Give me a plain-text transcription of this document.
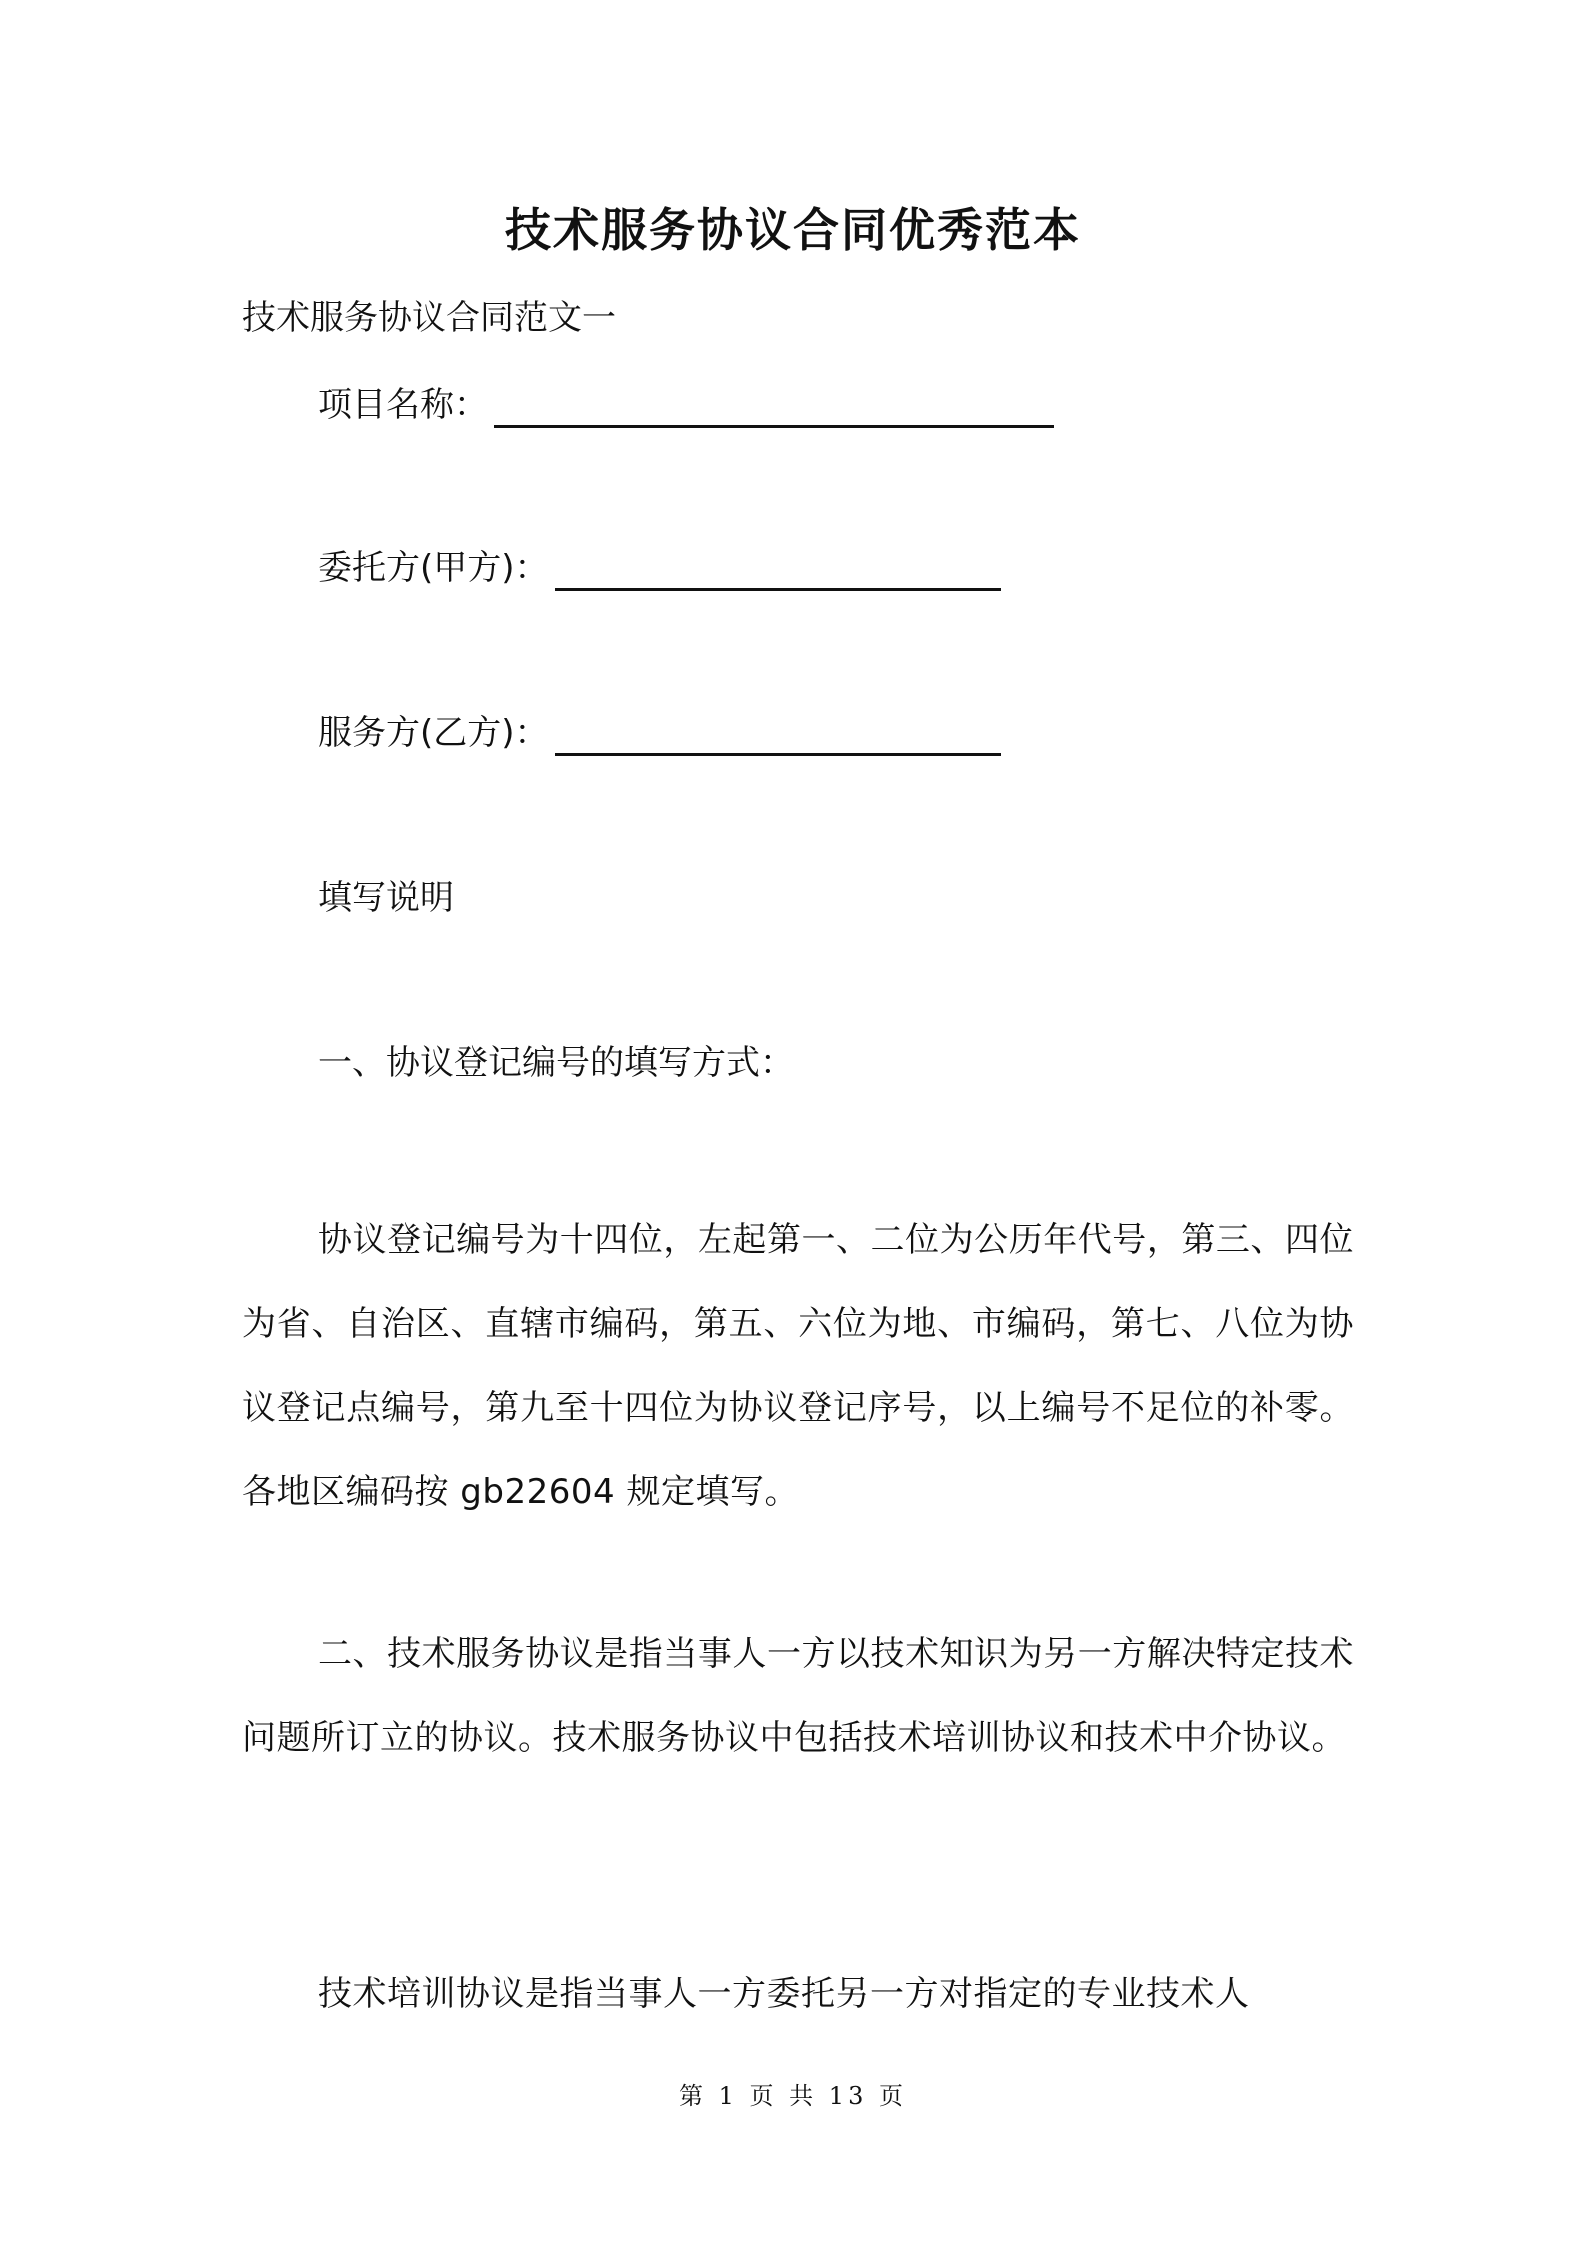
技术服务协议合同优秀范本
技术服务协议合同范文一
项目名称：
委托方(甲方)：
服务方(乙方)：
填写说明
一、协议登记编号的填写方式：
协议登记编号为十四位，左起第一、二位为公历年代号，第三、四位为省、自治区、直辖市编码，第五、六位为地、市编码，第七、八位为协议登记点编号，第九至十四位为协议登记序号，以上编号不足位的补零。各地区编码按 gb22604 规定填写。
二、技术服务协议是指当事人一方以技术知识为另一方解决特定技术问题所订立的协议。技术服务协议中包括技术培训协议和技术中介协议。
技术培训协议是指当事人一方委托另一方对指定的专业技术人
第 1 页 共 13 页
